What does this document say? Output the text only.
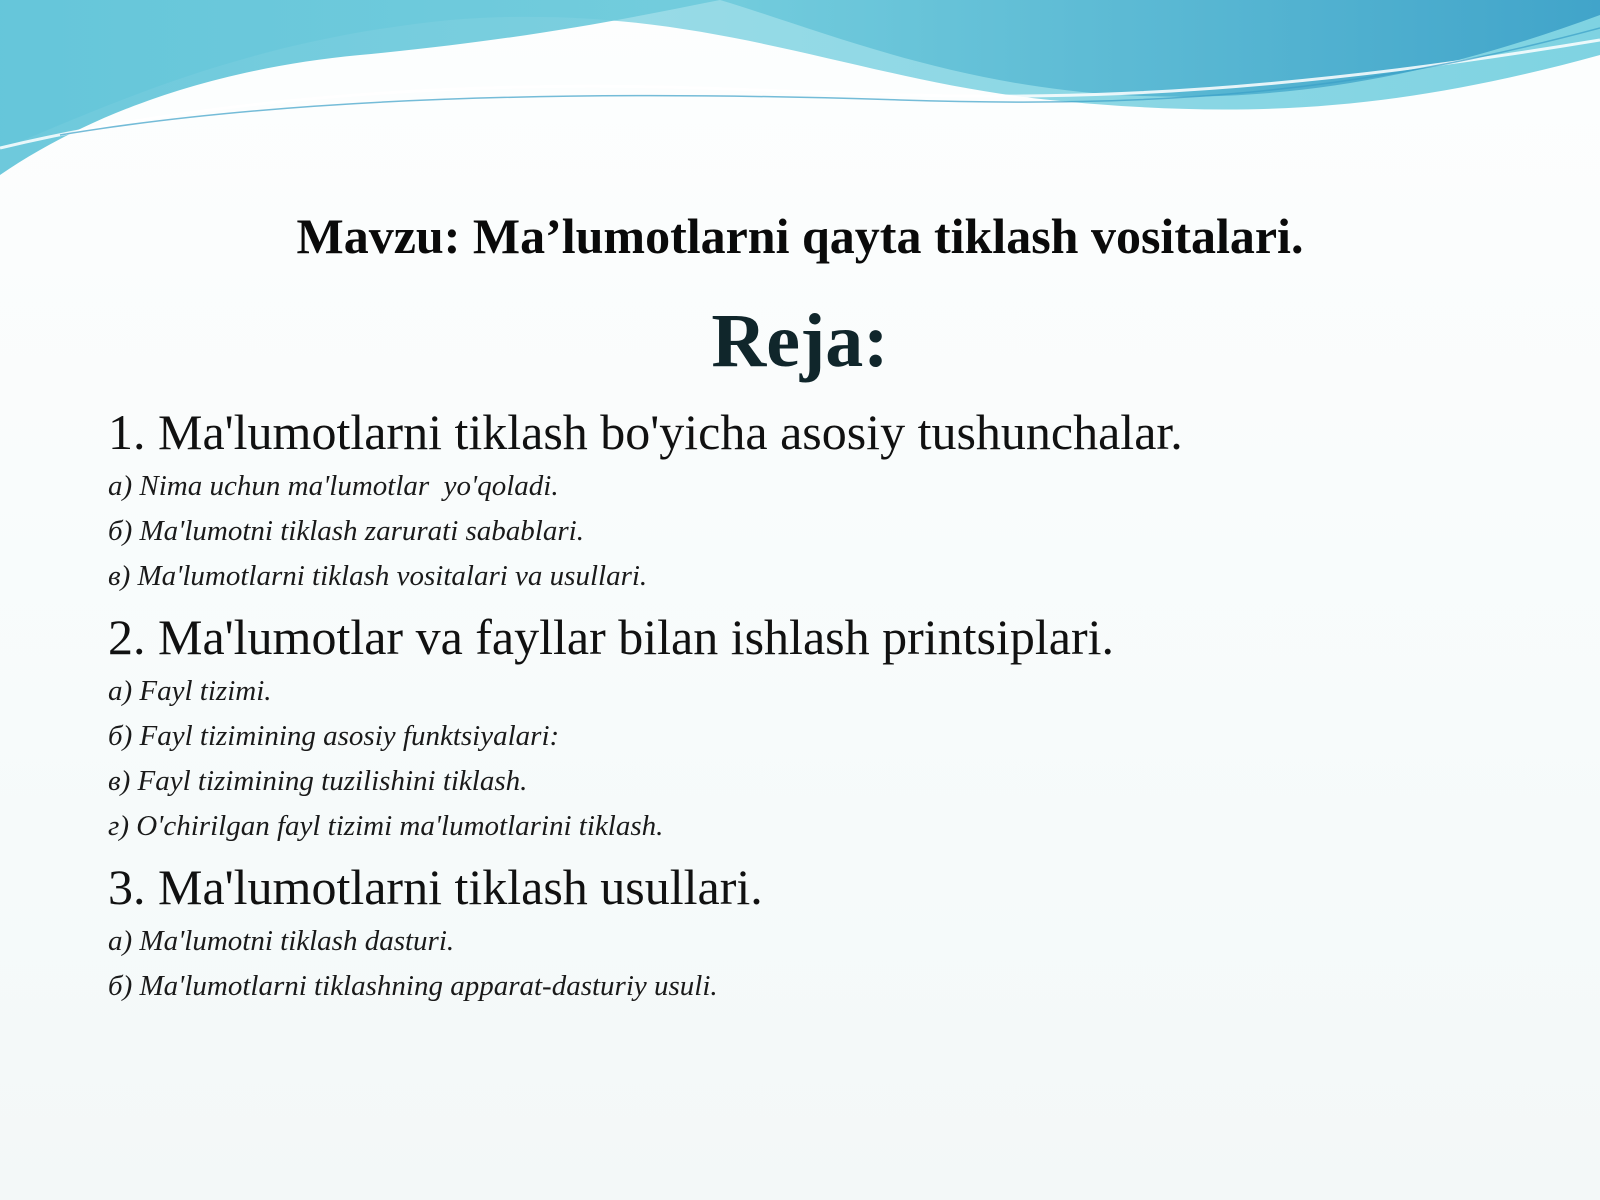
Mavzu: Ma’lumotlarni qayta tiklash vositalari.
Reja:

1. Ma'lumotlarni tiklash bo'yicha asosiy tushunchalar.

а) Nima uchun ma'lumotlar  yo'qoladi.

б) Ma'lumotni tiklash zarurati sabablari.

в) Ma'lumotlarni tiklash vositalari va usullari.

2. Ma'lumotlar va fayllar bilan ishlash printsiplari.

а) Fayl tizimi.

б) Fayl tizimining asosiy funktsiyalari:

в) Fayl tizimining tuzilishini tiklash.

г) O'chirilgan fayl tizimi ma'lumotlarini tiklash.

3. Ma'lumotlarni tiklash usullari.

а) Ma'lumotni tiklash dasturi.

б) Ma'lumotlarni tiklashning apparat-dasturiy usuli.
